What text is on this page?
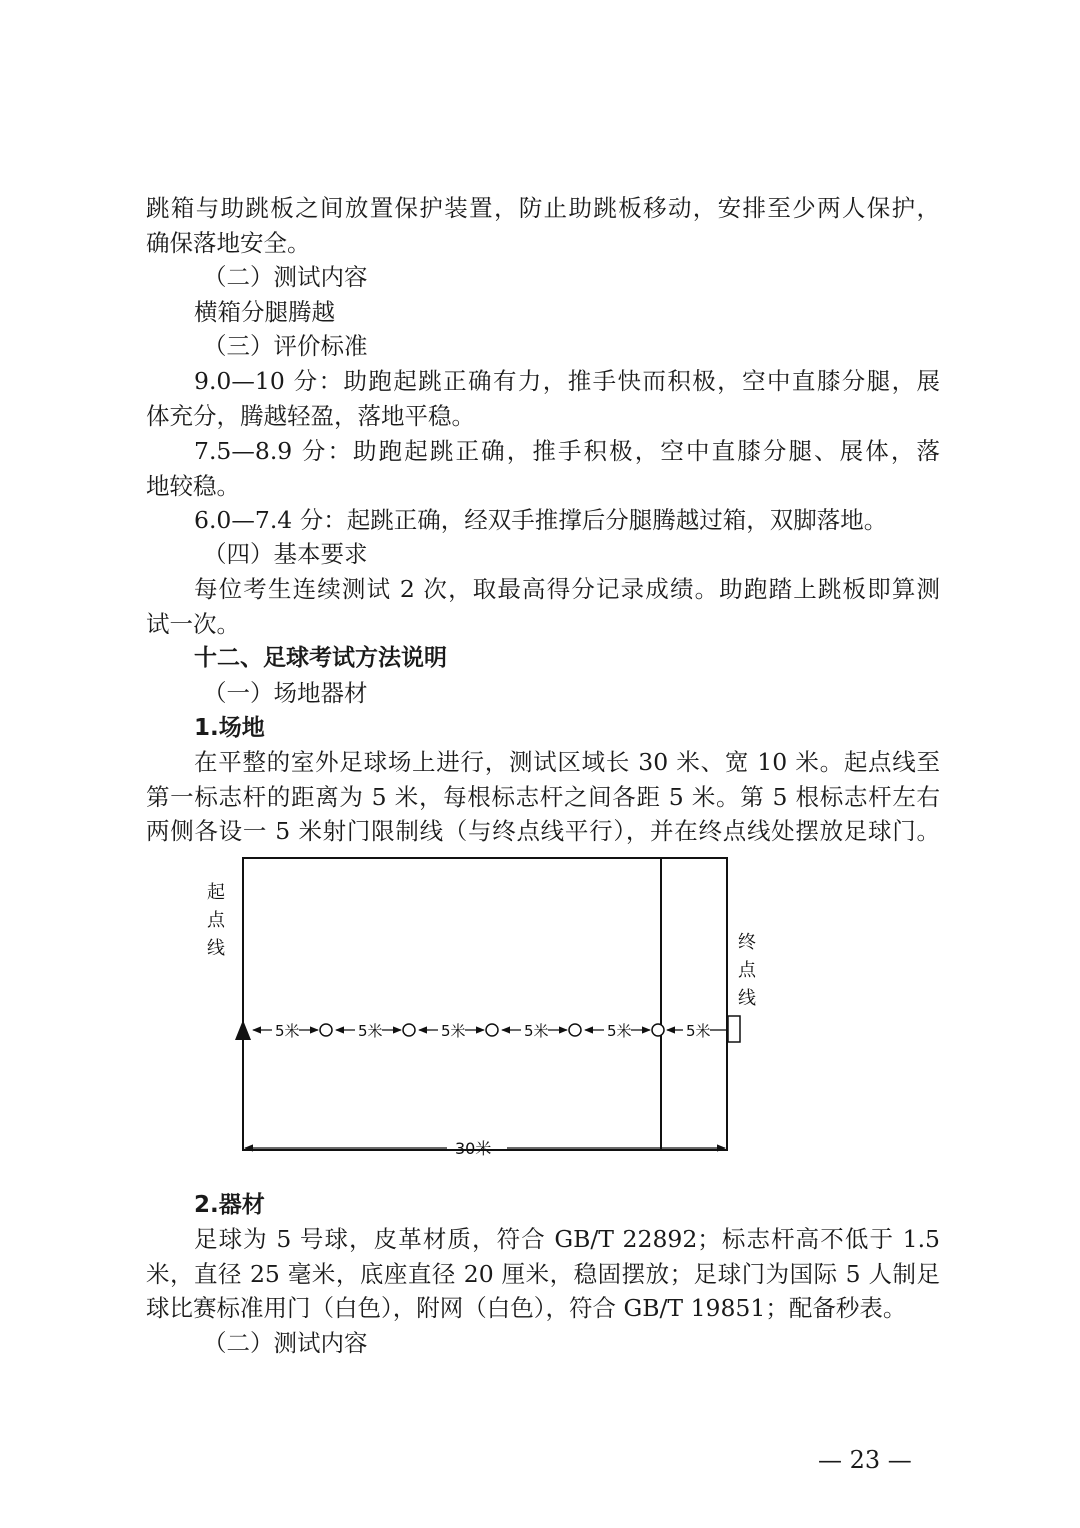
跳箱与助跳板之间放置保护装置，防止助跳板移动，安排至少两人保护，
确保落地安全。
（二）测试内容
横箱分腿腾越
（三）评价标准
9.0—10 分：助跑起跳正确有力，推手快而积极，空中直膝分腿，展
体充分，腾越轻盈，落地平稳。
7.5—8.9 分：助跑起跳正确，推手积极，空中直膝分腿、展体，落
地较稳。
6.0—7.4 分：起跳正确，经双手推撑后分腿腾越过箱，双脚落地。
（四）基本要求
每位考生连续测试 2 次，取最高得分记录成绩。助跑踏上跳板即算测
试一次。
十二、足球考试方法说明
（一）场地器材
1.场地
在平整的室外足球场上进行，测试区域长 30 米、宽 10 米。起点线至
第一标志杆的距离为 5 米，每根标志杆之间各距 5 米。第 5 根标志杆左右
两侧各设一 5 米射门限制线（与终点线平行），并在终点线处摆放足球门。
起
点
线	终
点
线
5米	5米	5米	5米	5米	5米
30米
2.器材
足球为 5 号球，皮革材质，符合 GB/T 22892；标志杆高不低于 1.5
米，直径 25 毫米，底座直径 20 厘米，稳固摆放；足球门为国际 5 人制足
球比赛标准用门（白色），附网（白色），符合 GB/T 19851；配备秒表。
（二）测试内容
— 23 —
